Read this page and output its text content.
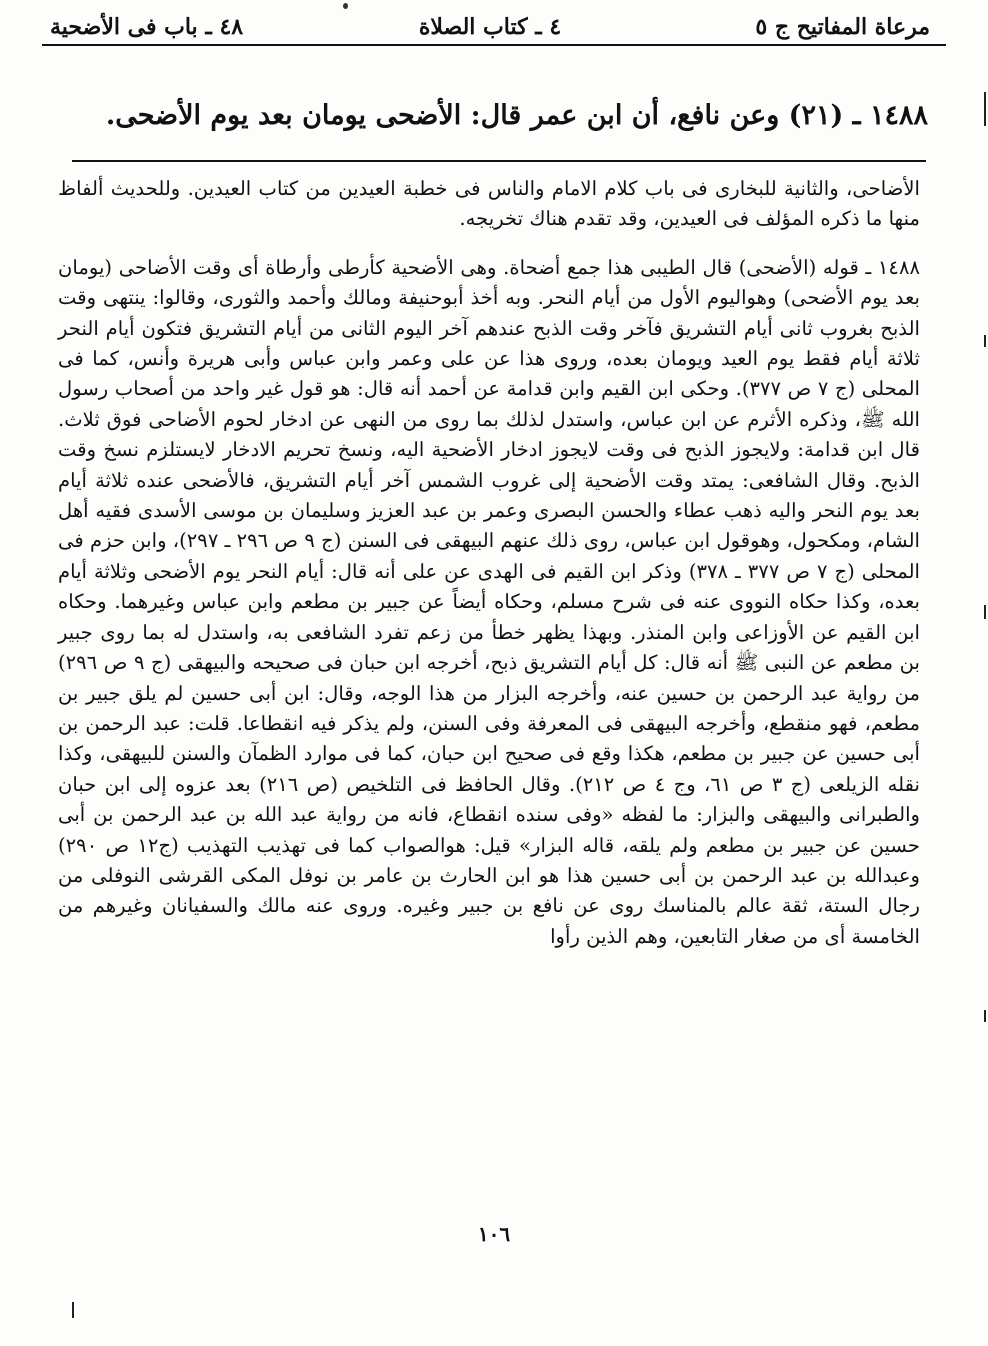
مرعاة المفاتيح ج ٥
٤ ـ كتاب الصلاة
٤٨ ـ باب فى الأضحية
١٤٨٨ ـ (٢١) وعن نافع، أن ابن عمر قال: الأضحى يومان بعد يوم الأضحى.

الأضاحى، والثانية للبخارى فى باب كلام الامام والناس فى خطبة العيدين من كتاب العيدين. وللحديث ألفاظ منها ما ذكره المؤلف فى العيدين، وقد تقدم هناك تخريجه.

١٤٨٨ ـ قوله (الأضحى) قال الطيبى هذا جمع أضحاة. وهى الأضحية كأرطى وأرطاة أى وقت الأضاحى (يومان بعد يوم الأضحى) وهواليوم الأول من أيام النحر. وبه أخذ أبوحنيفة ومالك وأحمد والثورى، وقالوا: ينتهى وقت الذبح بغروب ثانى أيام التشريق فآخر وقت الذبح عندهم آخر اليوم الثانى من أيام التشريق فتكون أيام النحر ثلاثة أيام فقط يوم العيد ويومان بعده، وروى هذا عن على وعمر وابن عباس وأبى هريرة وأنس، كما فى المحلى (ج ٧ ص ٣٧٧). وحكى ابن القيم وابن قدامة عن أحمد أنه قال: هو قول غير واحد من أصحاب رسول الله ﷺ، وذكره الأثرم عن ابن عباس، واستدل لذلك بما روى من النهى عن ادخار لحوم الأضاحى فوق ثلاث. قال ابن قدامة: ولايجوز الذبح فى وقت لايجوز ادخار الأضحية اليه، ونسخ تحريم الادخار لايستلزم نسخ وقت الذبح. وقال الشافعى: يمتد وقت الأضحية إلى غروب الشمس آخر أيام التشريق، فالأضحى عنده ثلاثة أيام بعد يوم النحر واليه ذهب عطاء والحسن البصرى وعمر بن عبد العزيز وسليمان بن موسى الأسدى فقيه أهل الشام، ومكحول، وهوقول ابن عباس، روى ذلك عنهم البيهقى فى السنن (ج ٩ ص ٢٩٦ ـ ٢٩٧)، وابن حزم فى المحلى (ج ٧ ص ٣٧٧ ـ ٣٧٨) وذكر ابن القيم فى الهدى عن على أنه قال: أيام النحر يوم الأضحى وثلاثة أيام بعده، وكذا حكاه النووى عنه فى شرح مسلم، وحكاه أيضاً عن جبير بن مطعم وابن عباس وغيرهما. وحكاه ابن القيم عن الأوزاعى وابن المنذر. وبهذا يظهر خطأ من زعم تفرد الشافعى به، واستدل له بما روى جبير بن مطعم عن النبى ﷺ أنه قال: كل أيام التشريق ذبح، أخرجه ابن حبان فى صحيحه والبيهقى (ج ٩ ص ٢٩٦) من رواية عبد الرحمن بن حسين عنه، وأخرجه البزار من هذا الوجه، وقال: ابن أبى حسين لم يلق جبير بن مطعم، فهو منقطع، وأخرجه البيهقى فى المعرفة وفى السنن، ولم يذكر فيه انقطاعا. قلت: عبد الرحمن بن أبى حسين عن جبير بن مطعم، هكذا وقع فى صحيح ابن حبان، كما فى موارد الظمآن والسنن للبيهقى، وكذا نقله الزيلعى (ج ٣ ص ٦١، وج ٤ ص ٢١٢). وقال الحافظ فى التلخيص (ص ٢١٦) بعد عزوه إلى ابن حبان والطبرانى والبيهقى والبزار: ما لفظه «وفى سنده انقطاع، فانه من رواية عبد الله بن عبد الرحمن بن أبى حسين عن جبير بن مطعم ولم يلقه، قاله البزار» قيل: هوالصواب كما فى تهذيب التهذيب (ج١٢ ص ٢٩٠) وعبدالله بن عبد الرحمن بن أبى حسين هذا هو ابن الحارث بن عامر بن نوفل المكى القرشى النوفلى من رجال الستة، ثقة عالم بالمناسك روى عن نافع بن جبير وغيره. وروى عنه مالك والسفيانان وغيرهم من الخامسة أى من صغار التابعين، وهم الذين رأوا

١٠٦
